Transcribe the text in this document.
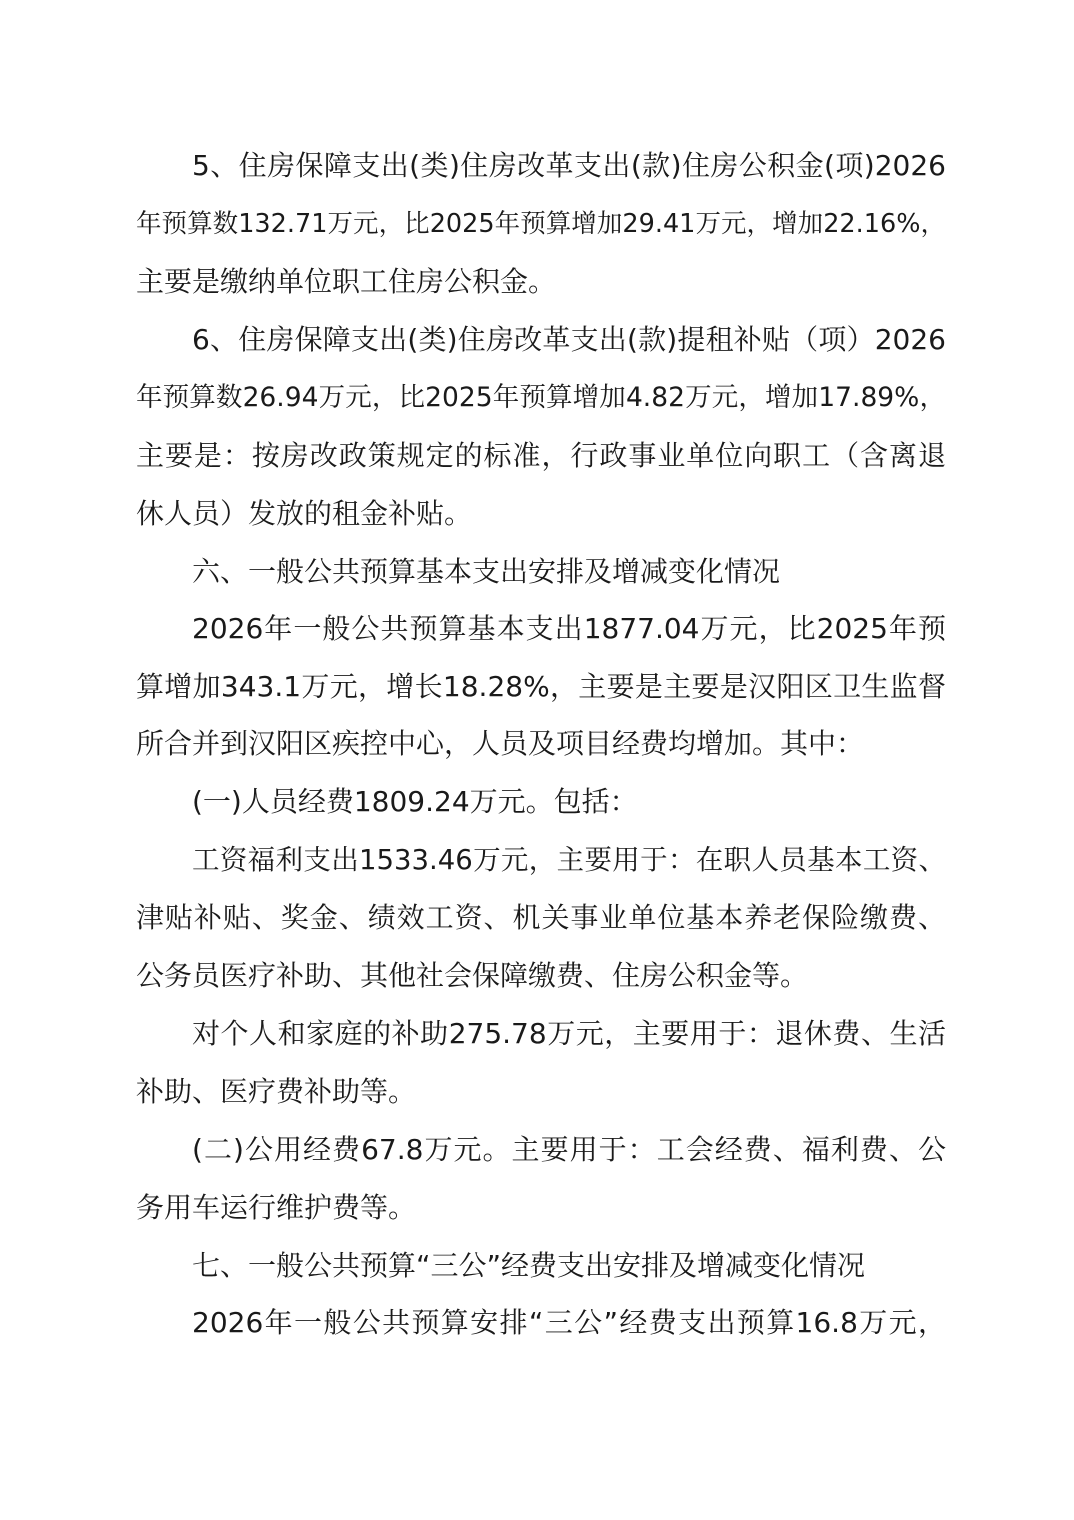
5、住房保障支出(类)住房改革支出(款)住房公积金(项)2026
年预算数132.71万元，比2025年预算增加29.41万元，增加22.16%，
主要是缴纳单位职工住房公积金。
6、住房保障支出(类)住房改革支出(款)提租补贴（项）2026
年预算数26.94万元，比2025年预算增加4.82万元，增加17.89%，
主要是：按房改政策规定的标准，行政事业单位向职工（含离退
休人员）发放的租金补贴。
六、一般公共预算基本支出安排及增减变化情况
2026年一般公共预算基本支出1877.04万元，比2025年预
算增加343.1万元，增长18.28%，主要是主要是汉阳区卫生监督
所合并到汉阳区疾控中心，人员及项目经费均增加。其中：
(一)人员经费1809.24万元。包括：
工资福利支出1533.46万元，主要用于：在职人员基本工资、
津贴补贴、奖金、绩效工资、机关事业单位基本养老保险缴费、
公务员医疗补助、其他社会保障缴费、住房公积金等。
对个人和家庭的补助275.78万元，主要用于：退休费、生活
补助、医疗费补助等。
(二)公用经费67.8万元。主要用于：工会经费、福利费、公
务用车运行维护费等。
七、一般公共预算“三公”经费支出安排及增减变化情况
2026年一般公共预算安排“三公”经费支出预算16.8万元，
